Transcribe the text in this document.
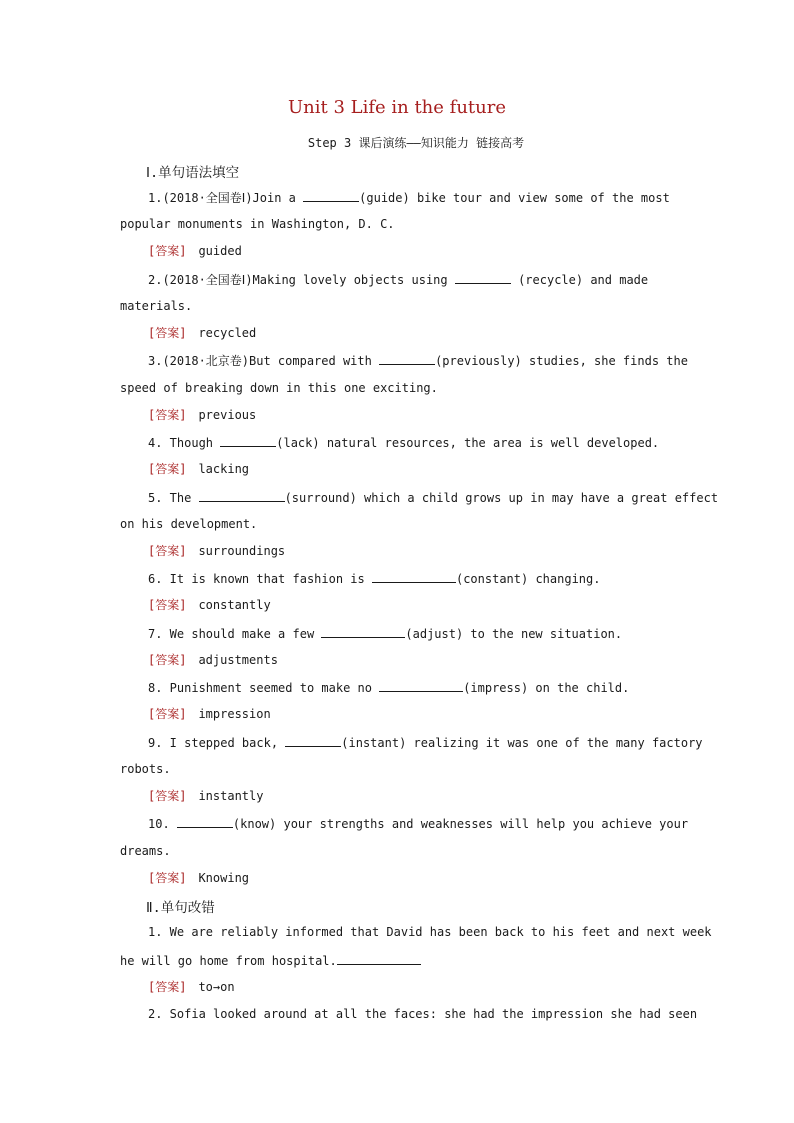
Unit 3 Life in the future
Step 3 课后演练——知识能力 链接高考
Ⅰ.单句语法填空
1.(2018·全国卷Ⅰ)Join a	(guide) bike tour and view some of the most
popular monuments in Washington, D. C.
[答案] guided
2.(2018·全国卷Ⅰ)Making lovely objects using	(recycle) and made
materials.
[答案] recycled
3.(2018·北京卷)But compared with	(previously) studies, she finds the
speed of breaking down in this one exciting.
[答案] previous
4. Though	(lack) natural resources, the area is well developed.
[答案] lacking
5. The	(surround) which a child grows up in may have a great effect
on his development.
[答案] surroundings
6. It is known that fashion is	(constant) changing.
[答案] constantly
7. We should make a few	(adjust) to the new situation.
[答案] adjustments
8. Punishment seemed to make no	(impress) on the child.
[答案] impression
9. I stepped back,	(instant) realizing it was one of the many factory
robots.
[答案] instantly
10.	(know) your strengths and weaknesses will help you achieve your
dreams.
[答案] Knowing
Ⅱ.单句改错
1. We are reliably informed that David has been back to his feet and next week
he will go home from hospital.
[答案] to→on
2. Sofia looked around at all the faces: she had the impression she had seen
